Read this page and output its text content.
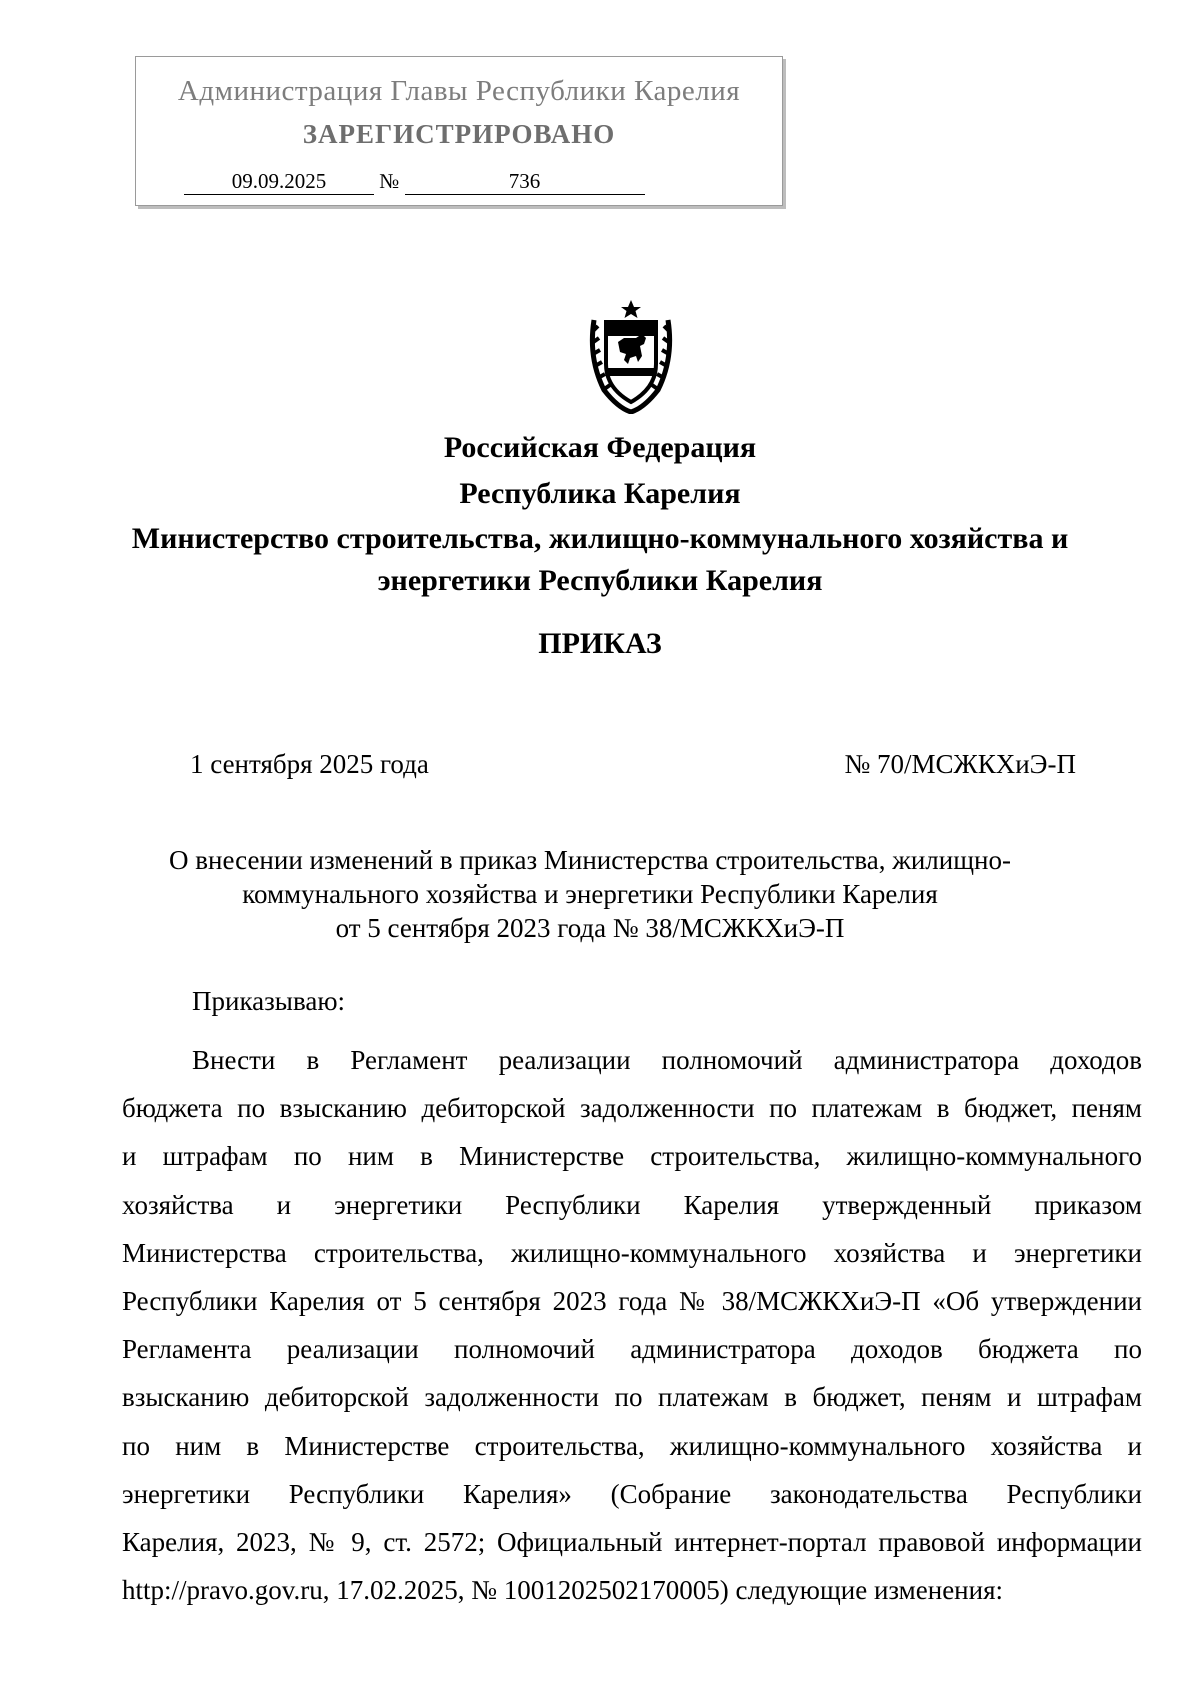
Администрация Главы Республики Карелия
ЗАРЕГИСТРИРОВАНО
09.09.2025	№	736
Российская Федерация
Республика Карелия
Министерство строительства, жилищно-коммунального хозяйства и
энергетики Республики Карелия
ПРИКАЗ
1 сентября 2025 года	№ 70/МСЖКХиЭ-П
О внесении изменений в приказ Министерства строительства, жилищно-
коммунального хозяйства и энергетики Республики Карелия
от 5 сентября 2023 года № 38/МСЖКХиЭ-П
Приказываю:
Внести в Регламент реализации полномочий администратора доходов
бюджета по взысканию дебиторской задолженности по платежам в бюджет, пеням
и штрафам по ним в Министерстве строительства, жилищно-коммунального
хозяйства и энергетики Республики Карелия утвержденный приказом
Министерства строительства, жилищно-коммунального хозяйства и энергетики
Республики Карелия от 5 сентября 2023 года № 38/МСЖКХиЭ-П «Об утверждении
Регламента реализации полномочий администратора доходов бюджета по
взысканию дебиторской задолженности по платежам в бюджет, пеням и штрафам
по ним в Министерстве строительства, жилищно-коммунального хозяйства и
энергетики Республики Карелия» (Собрание законодательства Республики
Карелия, 2023, № 9, ст. 2572; Официальный интернет-портал правовой информации
http://pravo.gov.ru, 17.02.2025, № 1001202502170005) следующие изменения:
